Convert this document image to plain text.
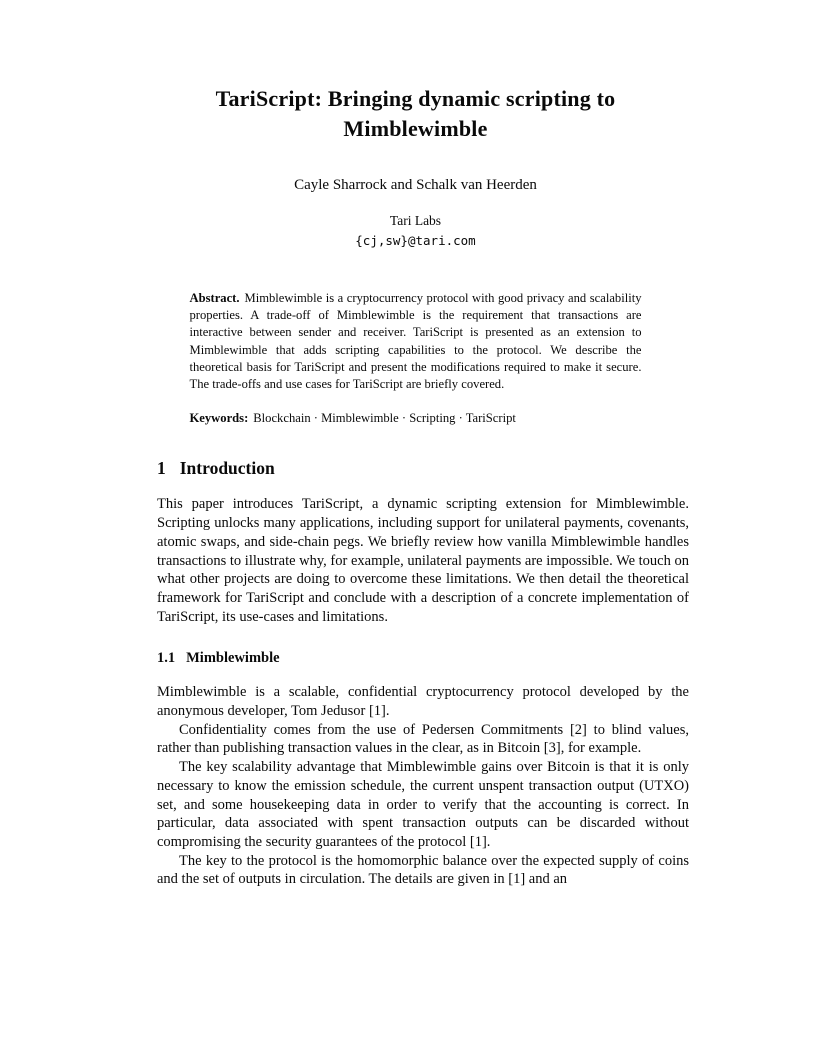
TariScript: Bringing dynamic scripting to Mimblewimble
Cayle Sharrock and Schalk van Heerden
Tari Labs
{cj,sw}@tari.com
Abstract. Mimblewimble is a cryptocurrency protocol with good privacy and scalability properties. A trade-off of Mimblewimble is the requirement that transactions are interactive between sender and receiver. TariScript is presented as an extension to Mimblewimble that adds scripting capabilities to the protocol. We describe the theoretical basis for TariScript and present the modifications required to make it secure. The trade-offs and use cases for TariScript are briefly covered.
Keywords: Blockchain · Mimblewimble · Scripting · TariScript
1 Introduction

This paper introduces TariScript, a dynamic scripting extension for Mimblewimble. Scripting unlocks many applications, including support for unilateral payments, covenants, atomic swaps, and side-chain pegs. We briefly review how vanilla Mimblewimble handles transactions to illustrate why, for example, unilateral payments are impossible. We touch on what other projects are doing to overcome these limitations. We then detail the theoretical framework for TariScript and conclude with a description of a concrete implementation of TariScript, its use-cases and limitations.

1.1 Mimblewimble

Mimblewimble is a scalable, confidential cryptocurrency protocol developed by the anonymous developer, Tom Jedusor [1].

Confidentiality comes from the use of Pedersen Commitments [2] to blind values, rather than publishing transaction values in the clear, as in Bitcoin [3], for example.

The key scalability advantage that Mimblewimble gains over Bitcoin is that it is only necessary to know the emission schedule, the current unspent transaction output (UTXO) set, and some housekeeping data in order to verify that the accounting is correct. In particular, data associated with spent transaction outputs can be discarded without compromising the security guarantees of the protocol [1].

The key to the protocol is the homomorphic balance over the expected supply of coins and the set of outputs in circulation. The details are given in [1] and an
